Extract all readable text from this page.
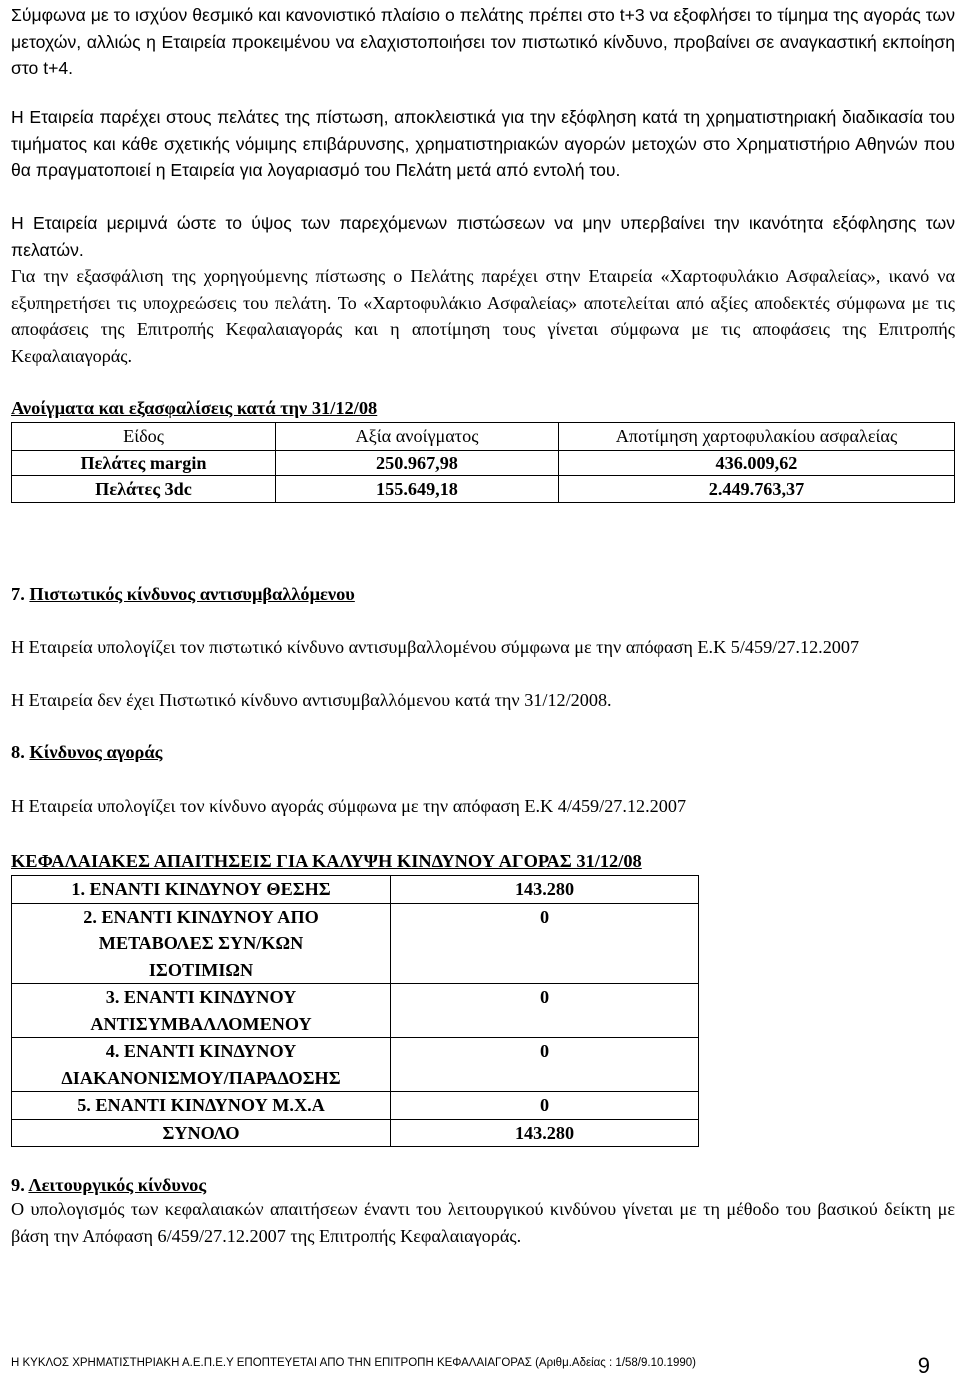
Σύμφωνα με το ισχύον θεσμικό και κανονιστικό πλαίσιο ο πελάτης πρέπει στο t+3 να εξοφλήσει το τίμημα της αγοράς των μετοχών, αλλιώς η Εταιρεία προκειμένου να ελαχιστοποιήσει τον πιστωτικό κίνδυνο, προβαίνει σε αναγκαστική εκποίηση στο t+4.

Η Εταιρεία παρέχει στους πελάτες της πίστωση, αποκλειστικά για την εξόφληση κατά τη χρηματιστηριακή διαδικασία του τιμήματος και κάθε σχετικής νόμιμης επιβάρυνσης, χρηματιστηριακών αγορών μετοχών στο Χρηματιστήριο Αθηνών που θα πραγματοποιεί η Εταιρεία για λογαριασμό του Πελάτη μετά από εντολή του.

Η Εταιρεία μεριμνά ώστε το ύψος των παρεχόμενων πιστώσεων να μην υπερβαίνει την ικανότητα εξόφλησης των πελατών.

Για την εξασφάλιση της χορηγούμενης πίστωσης ο Πελάτης παρέχει στην Εταιρεία «Χαρτοφυλάκιο Ασφαλείας», ικανό να εξυπηρετήσει τις υποχρεώσεις του πελάτη. Το «Χαρτοφυλάκιο Ασφαλείας» αποτελείται από αξίες αποδεκτές σύμφωνα με τις αποφάσεις της Επιτροπής Κεφαλαιαγοράς και η αποτίμηση τους γίνεται σύμφωνα με τις αποφάσεις της Επιτροπής Κεφαλαιαγοράς.

Ανοίγματα και εξασφαλίσεις κατά την 31/12/08

Είδος	Αξία ανοίγματος	Αποτίμηση χαρτοφυλακίου ασφαλείας
Πελάτες margin	250.967,98	436.009,62
Πελάτες 3dc	155.649,18	2.449.763,37

7. Πιστωτικός κίνδυνος αντισυμβαλλόμενου

Η Εταιρεία υπολογίζει τον πιστωτικό κίνδυνο αντισυμβαλλομένου σύμφωνα με την απόφαση Ε.Κ 5/459/27.12.2007

Η Εταιρεία δεν έχει Πιστωτικό κίνδυνο αντισυμβαλλόμενου κατά την 31/12/2008.

8. Κίνδυνος αγοράς

Η Εταιρεία υπολογίζει τον κίνδυνο αγοράς σύμφωνα με την απόφαση Ε.Κ 4/459/27.12.2007

ΚΕΦΑΛΑΙΑΚΕΣ ΑΠΑΙΤΗΣΕΙΣ ΓΙΑ ΚΑΛΥΨΗ ΚΙΝΔΥΝΟΥ ΑΓΟΡΑΣ 31/12/08

1. ΕΝΑΝΤΙ ΚΙΝΔΥΝΟΥ ΘΕΣΗΣ	143.280
2. ΕΝΑΝΤΙ ΚΙΝΔΥΝΟΥ ΑΠΟ ΜΕΤΑΒΟΛΕΣ ΣΥΝ/ΚΩΝ ΙΣΟΤΙΜΙΩΝ	0
3. ΕΝΑΝΤΙ ΚΙΝΔΥΝΟΥ ΑΝΤΙΣΥΜΒΑΛΛΟΜΕΝΟΥ	0
4. ΕΝΑΝΤΙ ΚΙΝΔΥΝΟΥ ΔΙΑΚΑΝΟΝΙΣΜΟΥ/ΠΑΡΑΔΟΣΗΣ	0
5. ΕΝΑΝΤΙ ΚΙΝΔΥΝΟΥ Μ.Χ.Α	0
ΣΥΝΟΛΟ	143.280

9. Λειτουργικός κίνδυνος

Ο υπολογισμός των κεφαλαιακών απαιτήσεων έναντι του λειτουργικού κινδύνου γίνεται με τη μέθοδο του βασικού δείκτη με βάση την Απόφαση 6/459/27.12.2007 της Επιτροπής Κεφαλαιαγοράς.

Η ΚΥΚΛΟΣ ΧΡΗΜΑΤΙΣΤΗΡΙΑΚΗ Α.Ε.Π.Ε.Υ ΕΠΟΠΤΕΥΕΤΑΙ ΑΠΟ ΤΗΝ ΕΠΙΤΡΟΠΗ ΚΕΦΑΛΑΙΑΓΟΡΑΣ (Αριθμ.Αδείας : 1/58/9.10.1990)	9
